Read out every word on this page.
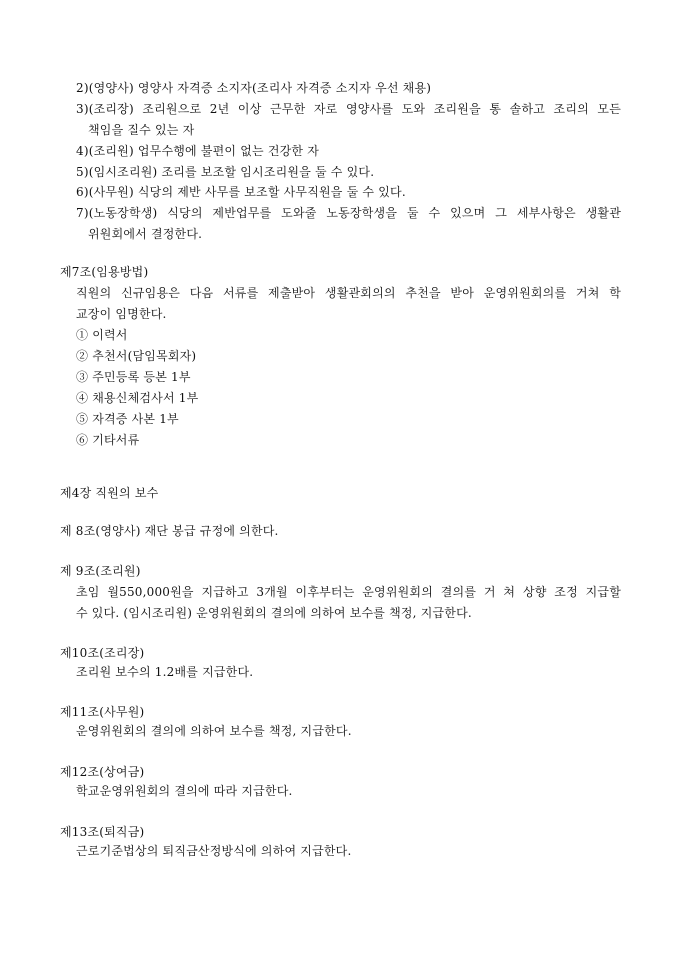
2)(영양사) 영양사 자격증 소지자(조리사 자격증 소지자 우선 채용)
3)(조리장) 조리원으로 2년 이상 근무한 자로 영양사를 도와 조리원을 통 솔하고 조리의 모든
책임을 질수 있는 자
4)(조리원) 업무수행에 불편이 없는 건강한 자
5)(임시조리원) 조리를 보조할 임시조리원을 둘 수 있다.
6)(사무원) 식당의 제반 사무를 보조할 사무직원을 둘 수 있다.
7)(노동장학생) 식당의 제반업무를 도와줄 노동장학생을 둘 수 있으며 그 세부사항은 생활관
위원회에서 결정한다.
제7조(임용방법)
직원의 신규임용은 다음 서류를 제출받아 생활관회의의 추천을 받아 운영위원회의를 거쳐 학
교장이 임명한다.
① 이력서
② 추천서(담임목회자)
③ 주민등록 등본 1부
④ 채용신체검사서 1부
⑤ 자격증 사본 1부
⑥ 기타서류
제4장 직원의 보수
제 8조(영양사) 재단 봉급 규정에 의한다.
제 9조(조리원)
초임 월550,000원을 지급하고 3개월 이후부터는 운영위원회의 결의를 거 쳐 상향 조정 지급할
수 있다. (임시조리원) 운영위원회의 결의에 의하여 보수를 책정, 지급한다.
제10조(조리장)
조리원 보수의 1.2배를 지급한다.
제11조(사무원)
운영위원회의 결의에 의하여 보수를 책정, 지급한다.
제12조(상여금)
학교운영위원회의 결의에 따라 지급한다.
제13조(퇴직금)
근로기준법상의 퇴직금산정방식에 의하여 지급한다.
